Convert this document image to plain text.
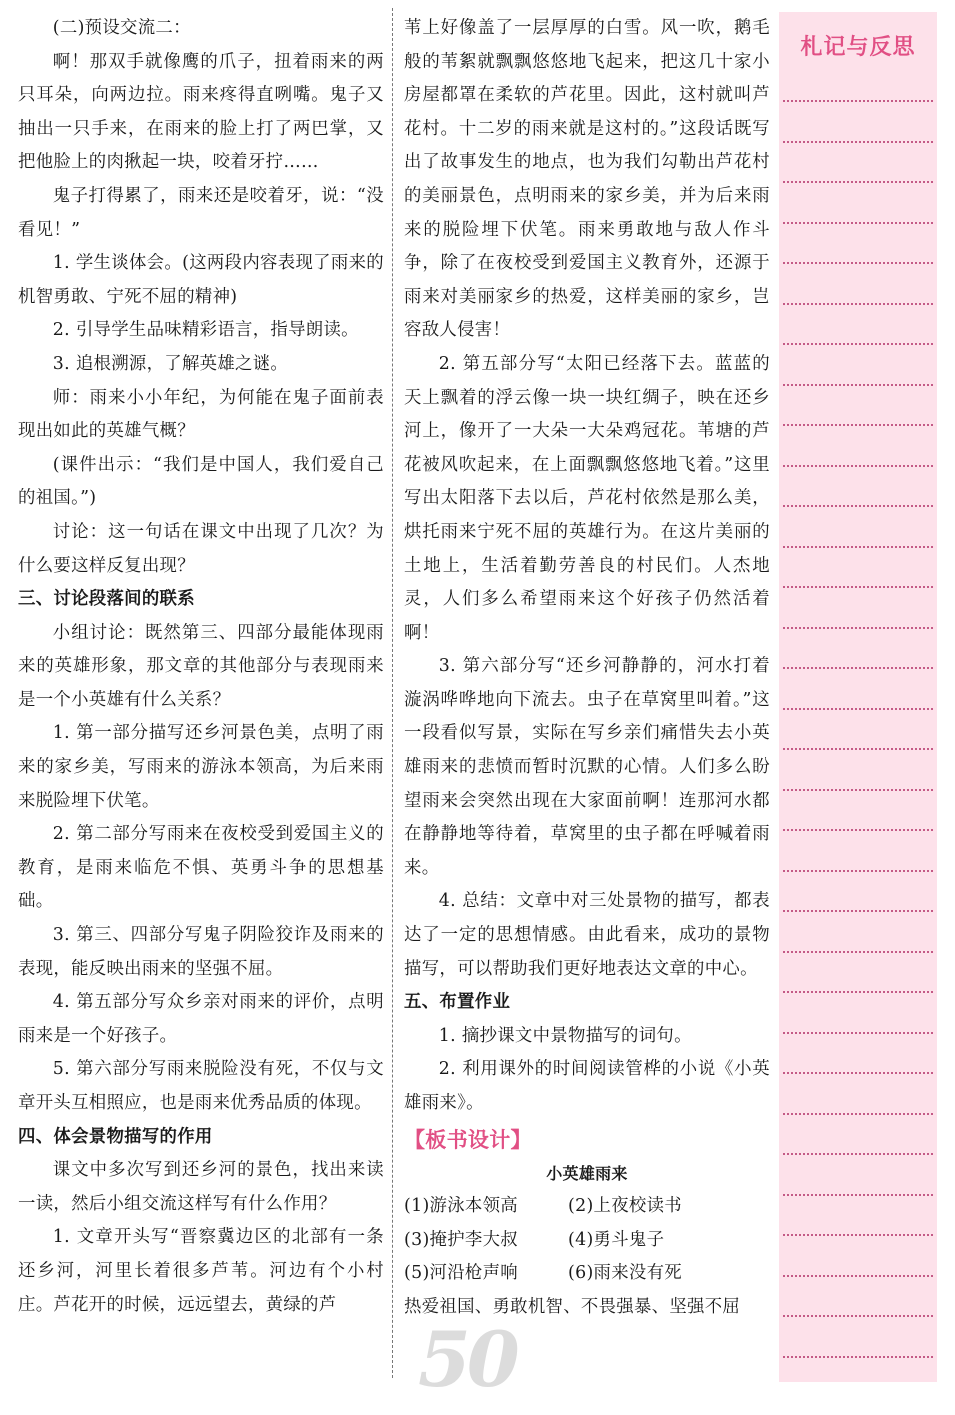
(二)预设交流二：

啊！那双手就像鹰的爪子，扭着雨来的两只耳朵，向两边拉。雨来疼得直咧嘴。鬼子又抽出一只手来，在雨来的脸上打了两巴掌，又把他脸上的肉揪起一块，咬着牙拧……

鬼子打得累了，雨来还是咬着牙，说：“没看见！”

1. 学生谈体会。(这两段内容表现了雨来的机智勇敢、宁死不屈的精神)

2. 引导学生品味精彩语言，指导朗读。

3. 追根溯源，了解英雄之谜。

师：雨来小小年纪，为何能在鬼子面前表现出如此的英雄气概？

(课件出示：“我们是中国人，我们爱自己的祖国。”)

讨论：这一句话在课文中出现了几次？为什么要这样反复出现？

三、讨论段落间的联系

小组讨论：既然第三、四部分最能体现雨来的英雄形象，那文章的其他部分与表现雨来是一个小英雄有什么关系？

1. 第一部分描写还乡河景色美，点明了雨来的家乡美，写雨来的游泳本领高，为后来雨来脱险埋下伏笔。

2. 第二部分写雨来在夜校受到爱国主义的教育，是雨来临危不惧、英勇斗争的思想基础。

3. 第三、四部分写鬼子阴险狡诈及雨来的表现，能反映出雨来的坚强不屈。

4. 第五部分写众乡亲对雨来的评价，点明雨来是一个好孩子。

5. 第六部分写雨来脱险没有死，不仅与文章开头互相照应，也是雨来优秀品质的体现。

四、体会景物描写的作用

课文中多次写到还乡河的景色，找出来读一读，然后小组交流这样写有什么作用？

1. 文章开头写“晋察冀边区的北部有一条还乡河，河里长着很多芦苇。河边有个小村庄。芦花开的时候，远远望去，黄绿的芦

苇上好像盖了一层厚厚的白雪。风一吹，鹅毛般的苇絮就飘飘悠悠地飞起来，把这几十家小房屋都罩在柔软的芦花里。因此，这村就叫芦花村。十二岁的雨来就是这村的。”这段话既写出了故事发生的地点，也为我们勾勒出芦花村的美丽景色，点明雨来的家乡美，并为后来雨来的脱险埋下伏笔。雨来勇敢地与敌人作斗争，除了在夜校受到爱国主义教育外，还源于雨来对美丽家乡的热爱，这样美丽的家乡，岂容敌人侵害！

2. 第五部分写“太阳已经落下去。蓝蓝的天上飘着的浮云像一块一块红绸子，映在还乡河上，像开了一大朵一大朵鸡冠花。苇塘的芦花被风吹起来，在上面飘飘悠悠地飞着。”这里写出太阳落下去以后，芦花村依然是那么美，烘托雨来宁死不屈的英雄行为。在这片美丽的土地上，生活着勤劳善良的村民们。人杰地灵，人们多么希望雨来这个好孩子仍然活着啊！

3. 第六部分写“还乡河静静的，河水打着漩涡哗哗地向下流去。虫子在草窝里叫着。”这一段看似写景，实际在写乡亲们痛惜失去小英雄雨来的悲愤而暂时沉默的心情。人们多么盼望雨来会突然出现在大家面前啊！连那河水都在静静地等待着，草窝里的虫子都在呼喊着雨来。

4. 总结：文章中对三处景物的描写，都表达了一定的思想情感。由此看来，成功的景物描写，可以帮助我们更好地表达文章的中心。

五、布置作业

1. 摘抄课文中景物描写的词句。

2. 利用课外的时间阅读管桦的小说《小英雄雨来》。

【板书设计】
小英雄雨来
(1)游泳本领高	(2)上夜校读书
(3)掩护李大叔	(4)勇斗鬼子
(5)河沿枪声响	(6)雨来没有死
热爱祖国、勇敢机智、不畏强暴、坚强不屈
札记与反思
50
